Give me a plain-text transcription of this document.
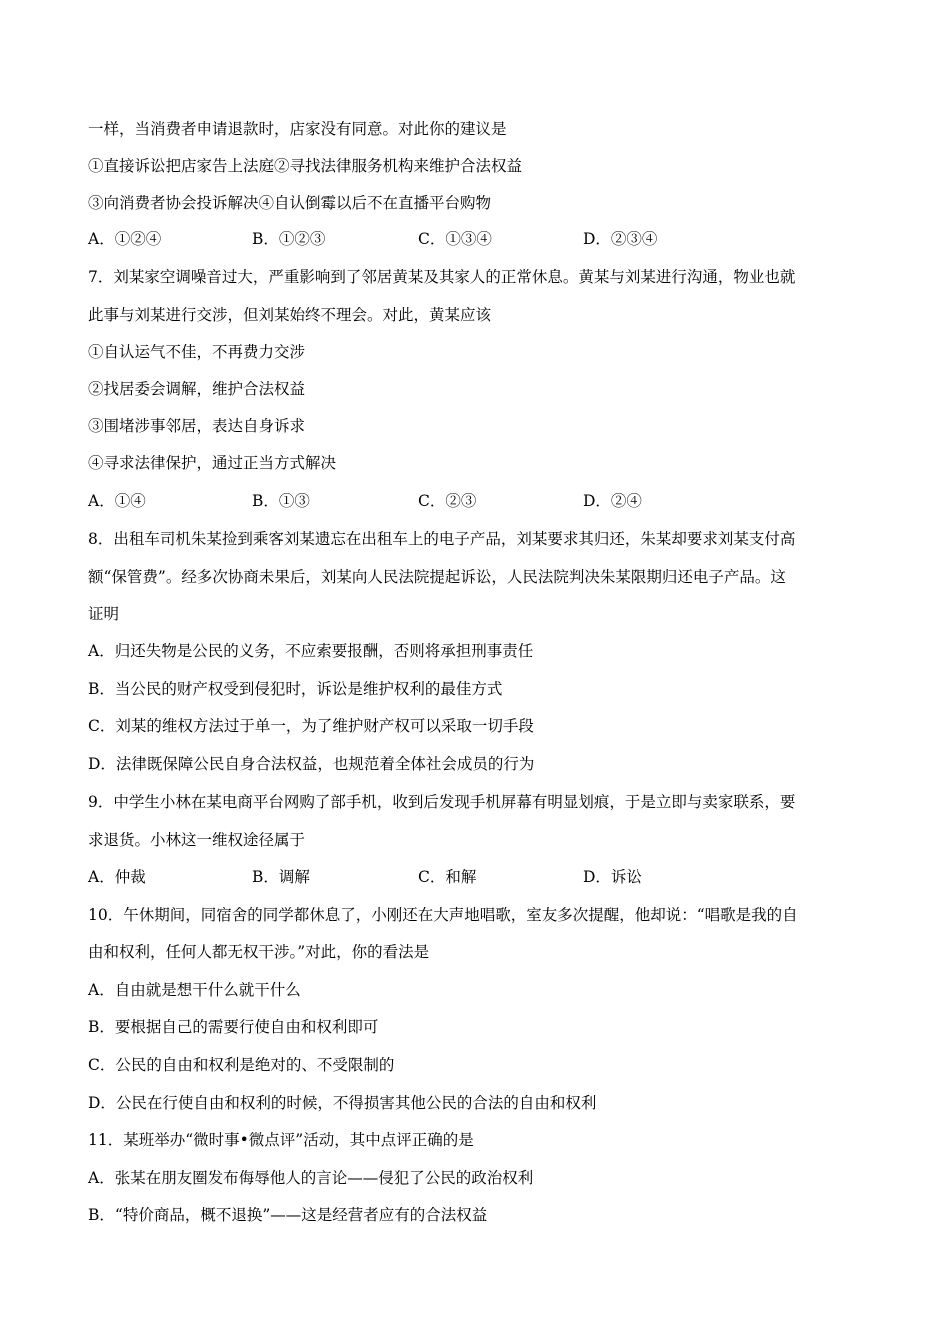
一样，当消费者申请退款时，店家没有同意。对此你的建议是
①直接诉讼把店家告上法庭②寻找法律服务机构来维护合法权益
③向消费者协会投诉解决④自认倒霉以后不在直播平台购物
A．①②④	B．①②③	C．①③④	D．②③④
7．刘某家空调噪音过大，严重影响到了邻居黄某及其家人的正常休息。黄某与刘某进行沟通，物业也就
此事与刘某进行交涉，但刘某始终不理会。对此，黄某应该
①自认运气不佳，不再费力交涉
②找居委会调解，维护合法权益
③围堵涉事邻居，表达自身诉求
④寻求法律保护，通过正当方式解决
A．①④	B．①③	C．②③	D．②④
8．出租车司机朱某捡到乘客刘某遗忘在出租车上的电子产品，刘某要求其归还，朱某却要求刘某支付高
额“保管费”。经多次协商未果后，刘某向人民法院提起诉讼，人民法院判决朱某限期归还电子产品。这
证明
A．归还失物是公民的义务，不应索要报酬，否则将承担刑事责任
B．当公民的财产权受到侵犯时，诉讼是维护权利的最佳方式
C．刘某的维权方法过于单一，为了维护财产权可以采取一切手段
D．法律既保障公民自身合法权益，也规范着全体社会成员的行为
9．中学生小林在某电商平台网购了部手机，收到后发现手机屏幕有明显划痕，于是立即与卖家联系，要
求退货。小林这一维权途径属于
A．仲裁	B．调解	C．和解	D．诉讼
10．午休期间，同宿舍的同学都休息了，小刚还在大声地唱歌，室友多次提醒，他却说：“唱歌是我的自
由和权利，任何人都无权干涉。”对此，你的看法是
A．自由就是想干什么就干什么
B．要根据自己的需要行使自由和权利即可
C．公民的自由和权利是绝对的、不受限制的
D．公民在行使自由和权利的时候，不得损害其他公民的合法的自由和权利
11．某班举办“微时事•微点评”活动，其中点评正确的是
A．张某在朋友圈发布侮辱他人的言论——侵犯了公民的政治权利
B．“特价商品，概不退换”——这是经营者应有的合法权益
